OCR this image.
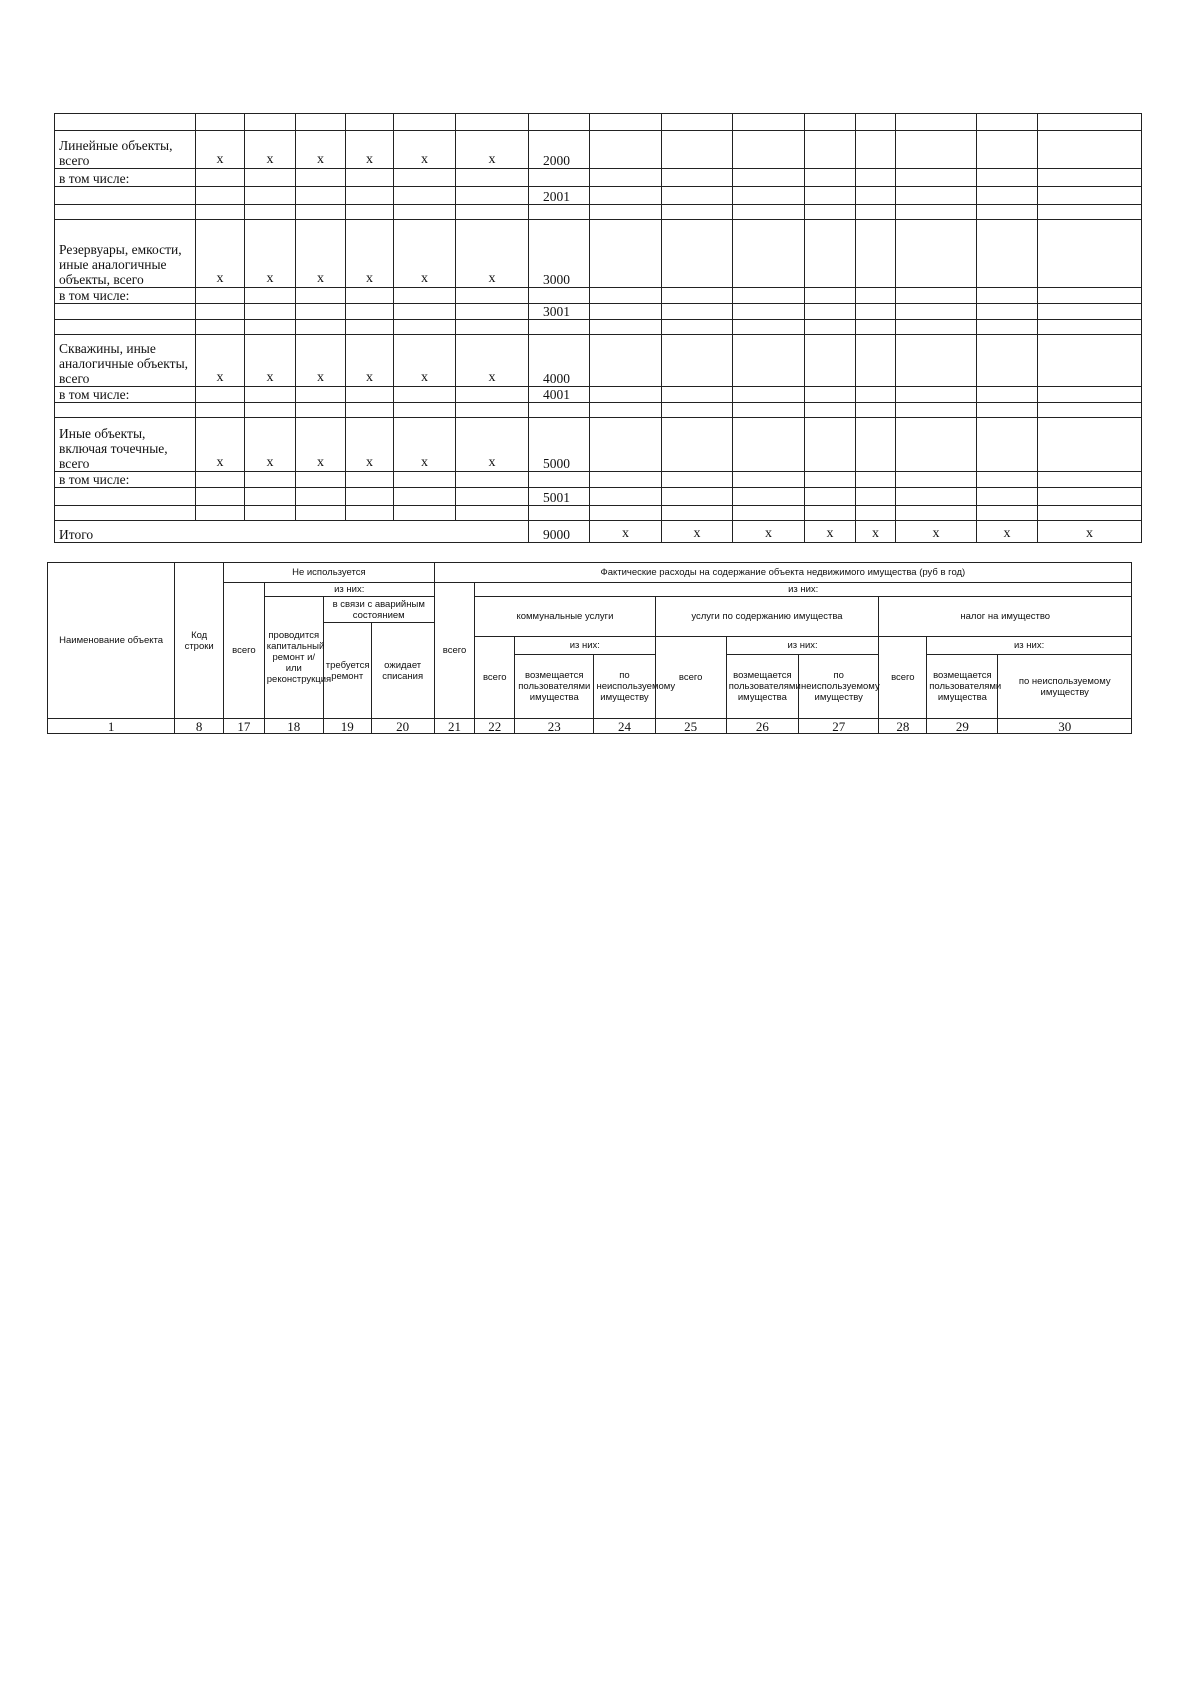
Линейные объекты, всего	x	x	x	x	x	x	2000									
в том числе:																
							2001									

Резервуары, емкости, иные аналогичные объекты, всего	x	x	x	x	x	x	3000									
в том числе:																
							3001									

Скважины, иные аналогичные объекты, всего	x	x	x	x	x	x	4000									
в том числе:							4001									

Иные объекты, включая точечные, всего	x	x	x	x	x	x	5000									
в том числе:																
							5001									

Итого							9000	x	x	x	x	x	x	x	x	
Наименование объекта	Код строки	Не используется				Фактические расходы на содержание объекта недвижимого имущества (руб в год)									
		всего	из них:			всего	из них:								
			проводится капитальный ремонт и/или реконструкция	в связи с аварийным состоянием			коммунальные услуги			услуги по содержанию имущества			налог на имущество		
				требуется ремонт	ожидает списания										
							всего	из них:		всего	из них:		всего	из них:	
								возмещается пользователями имущества	по неиспользуемому имуществу		возмещается пользователями имущества	по неиспользуемому имуществу		возмещается пользователями имущества	по неиспользуемому имуществу
1	8	17	18	19	20	21	22	23	24	25	26	27	28	29	30
